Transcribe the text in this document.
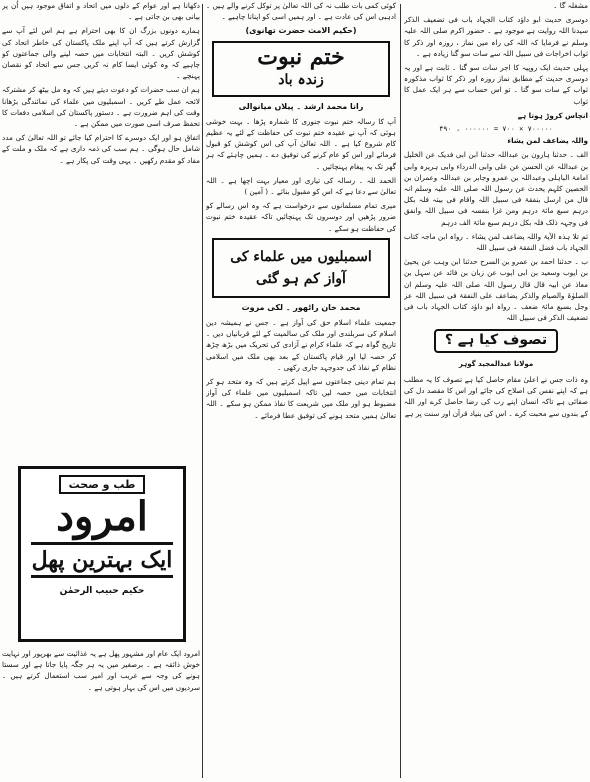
مشغلہ گا ۔

دوسری حدیث ابو داؤد کتاب الجہاد باب فی تضعیف الذکر سیدنا اللہ روایت ہے موجود ہے ۔ حضور اکرم صلی اللہ علیہ وسلم نے فرمایا کہ اللہ کی راہ میں نماز ، روزہ اور ذکر کا ثواب اخراجات فی سبیل اللہ سے سات سو گنا زیادہ ہے ۔

پہلی حدیث ایک روپیہ کا اجر سات سو گنا ۔ ثابت ہے اور یہ دوسری حدیث کے مطابق نماز روزہ اور ذکر کا ثواب مذکورہ ثواب کے سات سو گنا ۔ تو اس حساب سے ہر ایک عمل کا ثواب

انچاس کروڑ ہوتا ہے

۴۹۰ ، ۰۰۰۰۰۰ = ۷۰۰ × ۷۰۰۰۰۰

واللہ یضاعف لمن یشاء

الف ۔ حدثنا ہارون بن عبداللہ حدثنا ابن ابی فدیک عن الخلیل بن عبداللہ عن الحسن عن علی وابی الدرداء وابی ہریرہ وابی امامۃ الباہلی وعبداللہ بن عمرو وجابر بن عبداللہ وعمران بن الحصین کلہم یحدث عن رسول اللہ صلی اللہ علیہ وسلم انہ قال من ارسل بنفقۃ فی سبیل اللہ واقام فی بیتہ فلہ بکل درہم سبع مائۃ درہم ومن غزا بنفسہ فی سبیل اللہ وانفق فی وجہہ ذلک فلہ بکل درہم سبع مائۃ الف درہم

ثم تلا ہذہ الآیۃ واللہ یضاعف لمن یشاء ۔ رواہ ابن ماجہ کتاب الجہاد باب فضل النفقۃ فی سبیل اللہ

ب ۔ حدثنا احمد بن عمرو بن السرح حدثنا ابن وہب عن یحییٰ بن ایوب وسعید بن ابی ایوب عن زبان بن فائد عن سہل بن معاذ عن ابیہ قال قال رسول اللہ صلی اللہ علیہ وسلم ان الصلوٰۃ والصیام والذکر یضاعف علی النفقۃ فی سبیل اللہ عز وجل بسبع مائۃ ضعف ۔ رواہ ابو داؤد کتاب الجہاد باب فی تضعیف الذکر فی سبیل اللہ

تصوف کیا ہے ؟
مولانا عبدالمجید گوہر

وہ ذات جس نے اعلیٰ مقام حاصل کیا ہے تصوف کا یہ مطلب ہے کہ اپنے نفس کی اصلاح کی جائے اور اس کا مقصد دل کی صفائی ہے تاکہ انسان اپنے رب کی رضا حاصل کرے اور اللہ کے بندوں سے محبت کرے ۔ اس کی بنیاد قرآن اور سنت پر ہے

کوئی کمی بات طلب نہ کی اللہ تعالیٰ پر توکل کرنے والے ہیں ۔ ادہبی اس کی عادت ہے ۔ اور ہمیں اسی کو اپنانا چاہیے ۔

(حکیم الامت حضرت تھانوی)
ختم نبوت
زندہ باد
رانا محمد ارشد ۔ پیلاں میانوالی

آپ کا رسالہ ختم نبوت جنوری کا شمارہ پڑھا ۔ بہت خوشی ہوئی کہ آپ نے عقیدہ ختم نبوت کی حفاظت کے لئے یہ عظیم کام شروع کیا ہے ۔ اللہ تعالیٰ آپ کی اس کوشش کو قبول فرمائے اور اس کو عام کرنے کی توفیق دے ۔ ہمیں چاہئے کہ ہر گھر تک یہ پیغام پہنچائیں ۔

الحمد للہ ۔ رسالہ کی تیاری اور معیار بہت اچھا ہے ۔ اللہ تعالیٰ سے دعا ہے کہ اس کو مقبول بنائے ۔ ( آمین )

میری تمام مسلمانوں سے درخواست ہے کہ وہ اس رسالے کو ضرور پڑھیں اور دوسروں تک پہنچائیں تاکہ عقیدہ ختم نبوت کی حفاظت ہو سکے ۔

اسمبلیوں میں علماء کی آواز کم ہو گئی
محمد خان راٹھور ۔ لکی مروت

جمعیت علماء اسلام حق کی آواز ہے ۔ جس نے ہمیشہ دین اسلام کی سربلندی اور ملک کی سالمیت کے لئے قربانیاں دیں ۔ تاریخ گواہ ہے کہ علماء کرام نے آزادی کی تحریک میں بڑھ چڑھ کر حصہ لیا اور قیام پاکستان کے بعد بھی ملک میں اسلامی نظام کے نفاذ کی جدوجہد جاری رکھی ۔

ہم تمام دینی جماعتوں سے اپیل کرتے ہیں کہ وہ متحد ہو کر انتخابات میں حصہ لیں تاکہ اسمبلیوں میں علماء کی آواز مضبوط ہو اور ملک میں شریعت کا نفاذ ممکن ہو سکے ۔ اللہ تعالیٰ ہمیں متحد ہونے کی توفیق عطا فرمائے ۔

دکھانا ہے اور عوام کے دلوں میں اتحاد و اتفاق موجود ہیں اُن پر بیانی بھی بن جاتی ہے ۔

ہمارے دونوں بزرگ ان کا بھی احترام ہے ہم اس لئے آپ سے گزارش کرتے ہیں کہ آپ اپنے ملک پاکستان کی خاطر اتحاد کی کوشش کریں ۔ البتہ انتخابات میں حصہ لینے والی جماعتوں کو چاہیے کہ وہ کوئی ایسا کام نہ کریں جس سے اتحاد کو نقصان پہنچے ۔

ہم ان سب حضرات کو دعوت دیتے ہیں کہ وہ مل بیٹھ کر مشترکہ لائحہ عمل طے کریں ۔ اسمبلیوں میں علماء کی نمائندگی بڑھانا وقت کی اہم ضرورت ہے ۔ دستور پاکستان کی اسلامی دفعات کا تحفظ صرف اسی صورت میں ممکن ہے ۔

اتفاق ہو اور ایک دوسرے کا احترام کیا جائے تو اللہ تعالیٰ کی مدد شامل حال ہوگی ۔ ہم سب کی ذمہ داری ہے کہ ملک و ملت کے مفاد کو مقدم رکھیں ۔ یہی وقت کی پکار ہے ۔

امرود ایک عام اور مشہور پھل ہے یہ غذائیت سے بھرپور اور نہایت خوش ذائقہ ہے ۔ برصغیر میں یہ ہر جگہ پایا جاتا ہے اور سستا ہونے کی وجہ سے غریب اور امیر سب استعمال کرتے ہیں ۔ سردیوں میں اس کی بہار ہوتی ہے ۔

طب و صحت
امرود
ایک بہترین پھل
حکیم حبیب الرحمٰن
